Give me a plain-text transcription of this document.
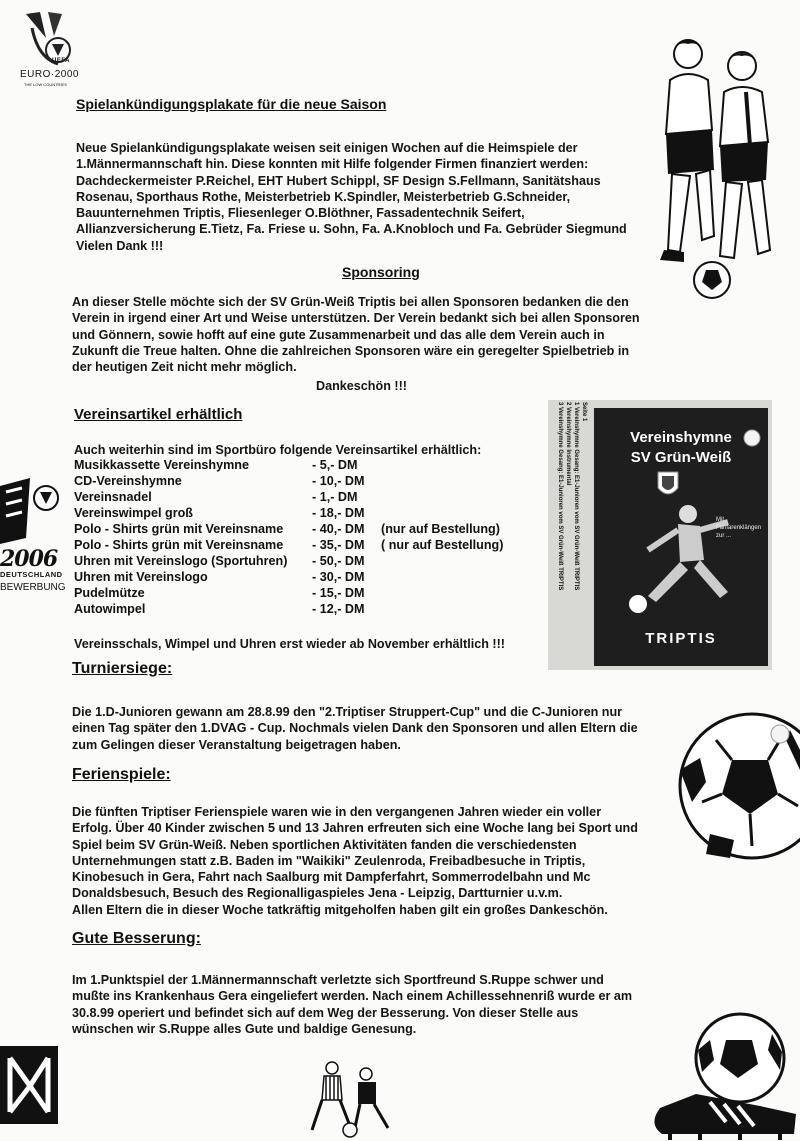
UEFA
EURO·2000
THE LOW COUNTRIES
Spielankündigungsplakate für die neue Saison

Neue Spielankündigungsplakate weisen seit einigen Wochen auf die Heimspiele der

1.Männermannschaft hin. Diese konnten mit Hilfe folgender Firmen finanziert werden:

Dachdeckermeister P.Reichel, EHT Hubert Schippl, SF Design S.Fellmann, Sanitätshaus

Rosenau, Sporthaus Rothe, Meisterbetrieb K.Spindler, Meisterbetrieb G.Schneider,

Bauunternehmen Triptis, Fliesenleger O.Blöthner, Fassadentechnik Seifert,

Allianzversicherung E.Tietz, Fa. Friese u. Sohn, Fa. A.Knobloch und Fa. Gebrüder Siegmund

Vielen Dank !!!

Sponsoring

An dieser Stelle möchte sich der SV Grün-Weiß Triptis bei allen Sponsoren bedanken die den

Verein in irgend einer Art und Weise unterstützen. Der Verein bedankt sich bei allen Sponsoren

und Gönnern, sowie hofft auf eine gute Zusammenarbeit und das alle dem Verein auch in

Zukunft die Treue halten. Ohne die zahlreichen Sponsoren wäre ein geregelter Spielbetrieb in

der heutigen Zeit nicht mehr möglich.

Dankeschön !!!

Vereinsartikel erhältlich

Auch weiterhin sind im Sportbüro folgende Vereinsartikel erhältlich:

Musikkassette Vereinshymne	- 5,- DM
CD-Vereinshymne	- 10,- DM
Vereinsnadel	- 1,- DM
Vereinswimpel groß	- 18,- DM
Polo - Shirts grün mit Vereinsname - 40,- DM (nur auf Bestellung)
Polo - Shirts grün mit Vereinsname - 35,- DM ( nur auf Bestellung)
Uhren mit Vereinslogo (Sportuhren) - 50,- DM
Uhren mit Vereinslogo	- 30,- DM
Pudelmütze	- 15,- DM
Autowimpel	- 12,- DM

Vereinsschals, Wimpel und Uhren erst wieder ab November erhältlich !!!

2006
DEUTSCHLAND
BEWERBUNG
Seite 1
1 Vereinshymne Gesang: E1-Junioren vom SV Grün-Weiß TRIPTIS
2 Vereinshymne Instrumental
3 Vereinshymne Gesang: E1-Junioren vom SV Grün-Weiß TRIPTIS	Vereinshymne
SV Grün-Weiß
Mit Fanfarenklängen zur ...
TRIPTIS
Turniersiege:

Die 1.D-Junioren gewann am 28.8.99 den "2.Triptiser Struppert-Cup" und die C-Junioren nur

einen Tag später den 1.DVAG - Cup. Nochmals vielen Dank den Sponsoren und allen Eltern die

zum Gelingen dieser Veranstaltung beigetragen haben.

Ferienspiele:

Die fünften Triptiser Ferienspiele waren wie in den vergangenen Jahren wieder ein voller

Erfolg. Über 40 Kinder zwischen 5 und 13 Jahren erfreuten sich eine Woche lang bei Sport und

Spiel beim SV Grün-Weiß. Neben sportlichen Aktivitäten fanden die verschiedensten

Unternehmungen statt z.B. Baden im "Waikiki" Zeulenroda, Freibadbesuche in Triptis,

Kinobesuch in Gera, Fahrt nach Saalburg mit Dampferfahrt, Sommerrodelbahn und Mc

Donaldsbesuch, Besuch des Regionalligaspieles Jena - Leipzig, Dartturnier u.v.m.

Allen Eltern die in dieser Woche tatkräftig mitgeholfen haben gilt ein großes Dankeschön.

Gute Besserung:

Im 1.Punktspiel der 1.Männermannschaft verletzte sich Sportfreund S.Ruppe schwer und

mußte ins Krankenhaus Gera eingeliefert werden. Nach einem Achillessehnenriß wurde er am

30.8.99 operiert und befindet sich auf dem Weg der Besserung. Von dieser Stelle aus

wünschen wir S.Ruppe alles Gute und baldige Genesung.
